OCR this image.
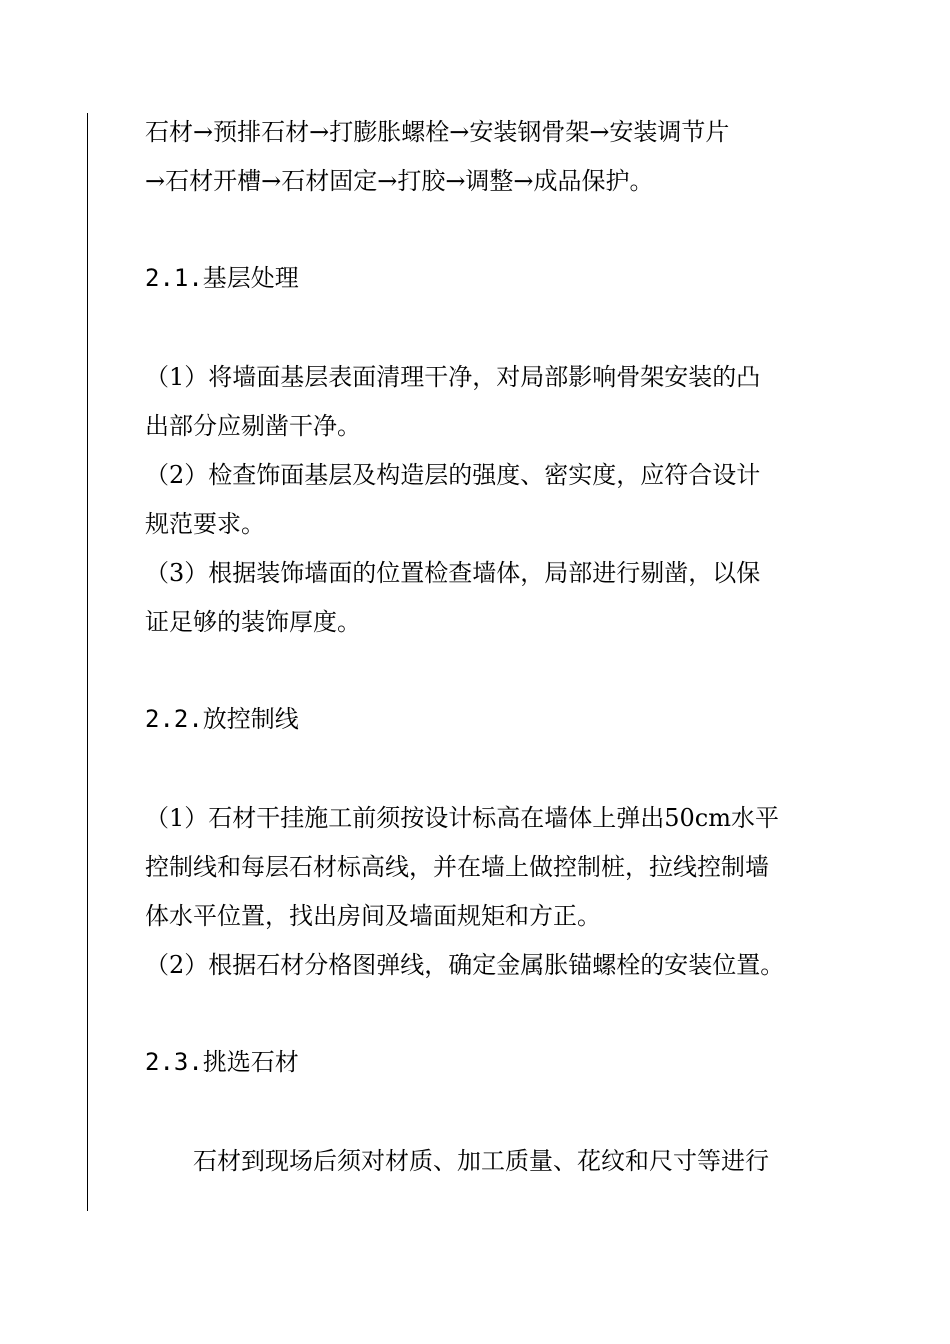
石材→预排石材→打膨胀螺栓→安装钢骨架→安装调节片
→石材开槽→石材固定→打胶→调整→成品保护。
2.1.基层处理
（1）将墙面基层表面清理干净，对局部影响骨架安装的凸
出部分应剔凿干净。
（2）检查饰面基层及构造层的强度、密实度，应符合设计
规范要求。
（3）根据装饰墙面的位置检查墙体，局部进行剔凿，以保
证足够的装饰厚度。
2.2.放控制线
（1）石材干挂施工前须按设计标高在墙体上弹出50cm水平
控制线和每层石材标高线，并在墙上做控制桩，拉线控制墙
体水平位置，找出房间及墙面规矩和方正。
（2）根据石材分格图弹线，确定金属胀锚螺栓的安装位置。
2.3.挑选石材
石材到现场后须对材质、加工质量、花纹和尺寸等进行
